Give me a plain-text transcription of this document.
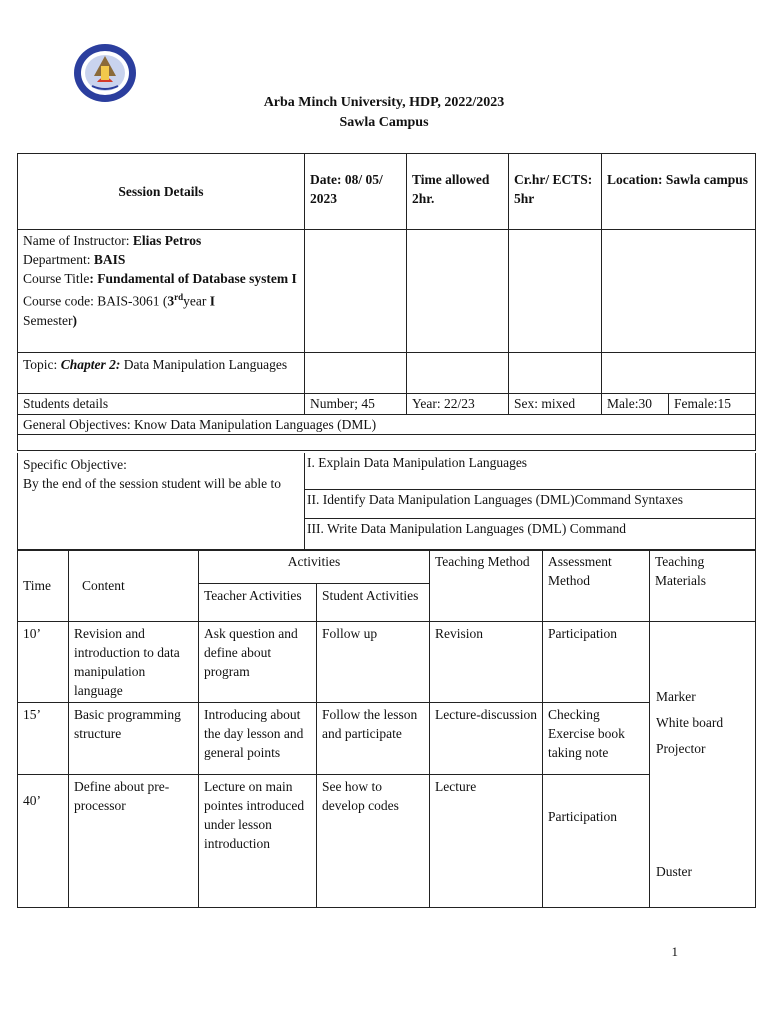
Arba Minch University, HDP, 2022/2023
Sawla Campus
Session Details	Date: 08/ 05/ 2023	Time allowed 2hr.	Cr.hr/ ECTS: 5hr	Location: Sawla campus	
Name of Instructor: Elias Petros
Department: BAIS
Course Title: Fundamental of Database system I
Course code: BAIS-3061 (3rdyear I
Semester)					
Topic: Chapter 2: Data Manipulation Languages					
Students details	Number; 45	Year: 22/23	Sex: mixed	Male:30	Female:15
General Objectives: Know Data Manipulation Languages (DML)					

Specific Objective:
By the end of the session student will be able to

I. Explain Data Manipulation Languages
II. Identify Data Manipulation Languages (DML)Command Syntaxes
III. Write Data Manipulation Languages (DML) Command
Time	Content	Activities		Teaching Method	Assessment Method	Teaching Materials
		Teacher Activities	Student Activities			
10’	Revision and introduction to data manipulation language	Ask question and define about program	Follow up	Revision	Participation	Marker
White board
Projector
Duster

15’	Basic programming structure	Introducing about the day lesson and general points	Follow the lesson and participate	Lecture-discussion	Checking Exercise book taking note	
40’	Define about pre-processor	Lecture on main pointes introduced under lesson introduction	See how to develop codes	Lecture	Participation	
1
